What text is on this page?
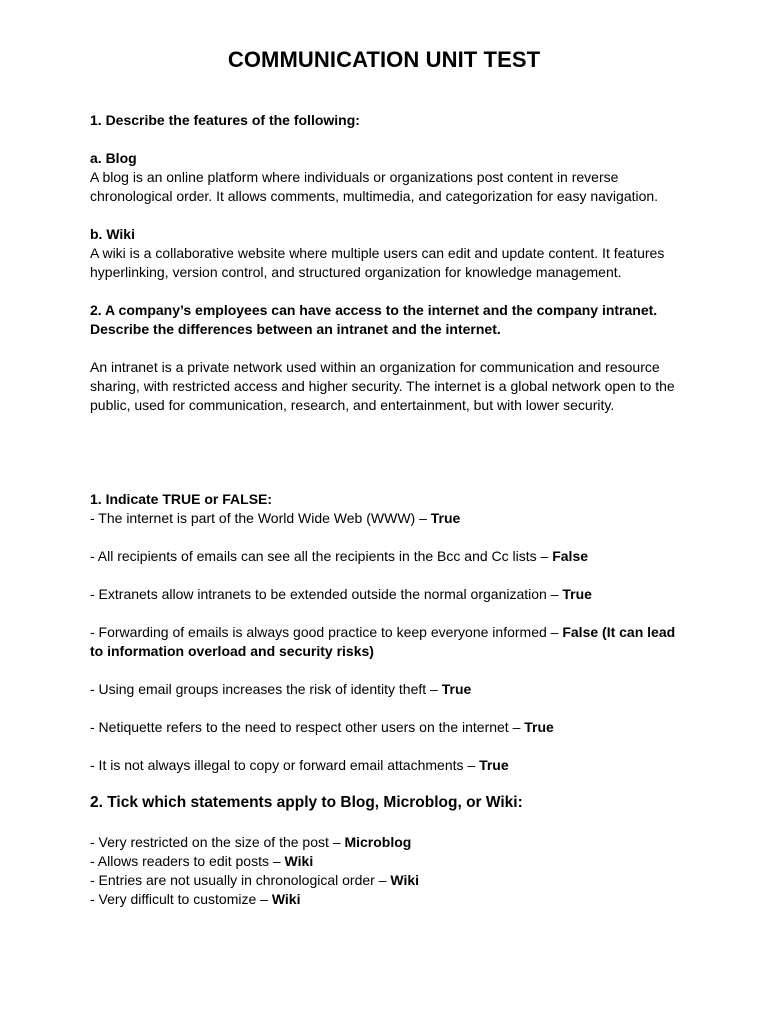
COMMUNICATION UNIT TEST

1. Describe the features of the following:

a. Blog

A blog is an online platform where individuals or organizations post content in reverse chronological order. It allows comments, multimedia, and categorization for easy navigation.

b. Wiki

A wiki is a collaborative website where multiple users can edit and update content. It features hyperlinking, version control, and structured organization for knowledge management.

2. A company’s employees can have access to the internet and the company intranet. Describe the differences between an intranet and the internet.

An intranet is a private network used within an organization for communication and resource sharing, with restricted access and higher security. The internet is a global network open to the public, used for communication, research, and entertainment, but with lower security.

1. Indicate TRUE or FALSE:

- The internet is part of the World Wide Web (WWW) – True

- All recipients of emails can see all the recipients in the Bcc and Cc lists – False

- Extranets allow intranets to be extended outside the normal organization – True

- Forwarding of emails is always good practice to keep everyone informed – False (It can lead to information overload and security risks)

- Using email groups increases the risk of identity theft – True

- Netiquette refers to the need to respect other users on the internet – True

- It is not always illegal to copy or forward email attachments – True

2. Tick which statements apply to Blog, Microblog, or Wiki:

- Very restricted on the size of the post – Microblog

- Allows readers to edit posts – Wiki

- Entries are not usually in chronological order – Wiki

- Very difficult to customize – Wiki
